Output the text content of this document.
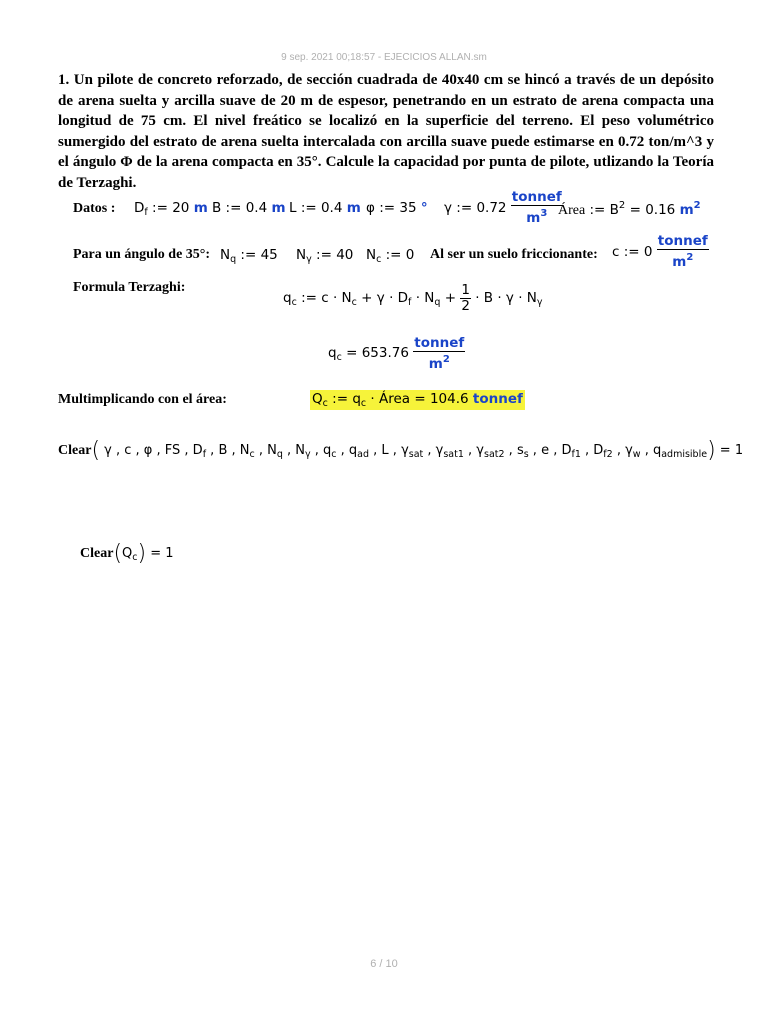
9 sep. 2021 00;18:57 - EJECICIOS ALLAN.sm
1. Un pilote de concreto reforzado, de sección cuadrada de 40x40 cm se hincó a través de un depósito de arena suelta y arcilla suave de 20 m de espesor, penetrando en un estrato de arena compacta una longitud de 75 cm. El nivel freático se localizó en la superficie del terreno. El peso volumétrico sumergido del estrato de arena suelta intercalada con arcilla suave puede estimarse en 0.72 ton/m^3 y el ángulo Φ de la arena compacta en 35°. Calcule la capacidad por punta de pilote, utlizando la Teoría de Terzaghi.
Datos : $D_f$ := 20 m B := 0.4 m L := 0.4 m φ := 35 ° γ := $0.72 \frac{\text{tonnef}}{m^3}$
Área := $B^2 = 0.16$ $m^2$
Para un ángulo de 35°: $N_q$ := 45 $N_\gamma$ := 40 $N_c$ := 0 Al ser un suelo friccionante: c := $0 \frac{\text{tonnef}}{m^2}$
Formula Terzaghi:
$q_c$ := $c \cdot N_c + \gamma \cdot D_f \cdot N_q + \frac{1}{2} \cdot B \cdot \gamma \cdot N_\gamma$
$q_c = 653.76 \frac{\text{tonnef}}{m^2}$
Multimplicando con el área:	$Q_c$ := $q_c$ · Área = 104.6 tonnef
Clear( γ , c , φ , FS , $D_f$ , B , $N_c$ , $N_q$ , $N_\gamma$ , $q_c$ , $q_{ad}$ , L , $\gamma_{sat}$ , $\gamma_{sat1}$ , $\gamma_{sat2}$ , $s_s$ , e , $D_{f1}$ , $D_{f2}$ , $\gamma_w$ , $q_{admisible}) = 1$
$Clear(Q_c) = 1$
6 / 10
